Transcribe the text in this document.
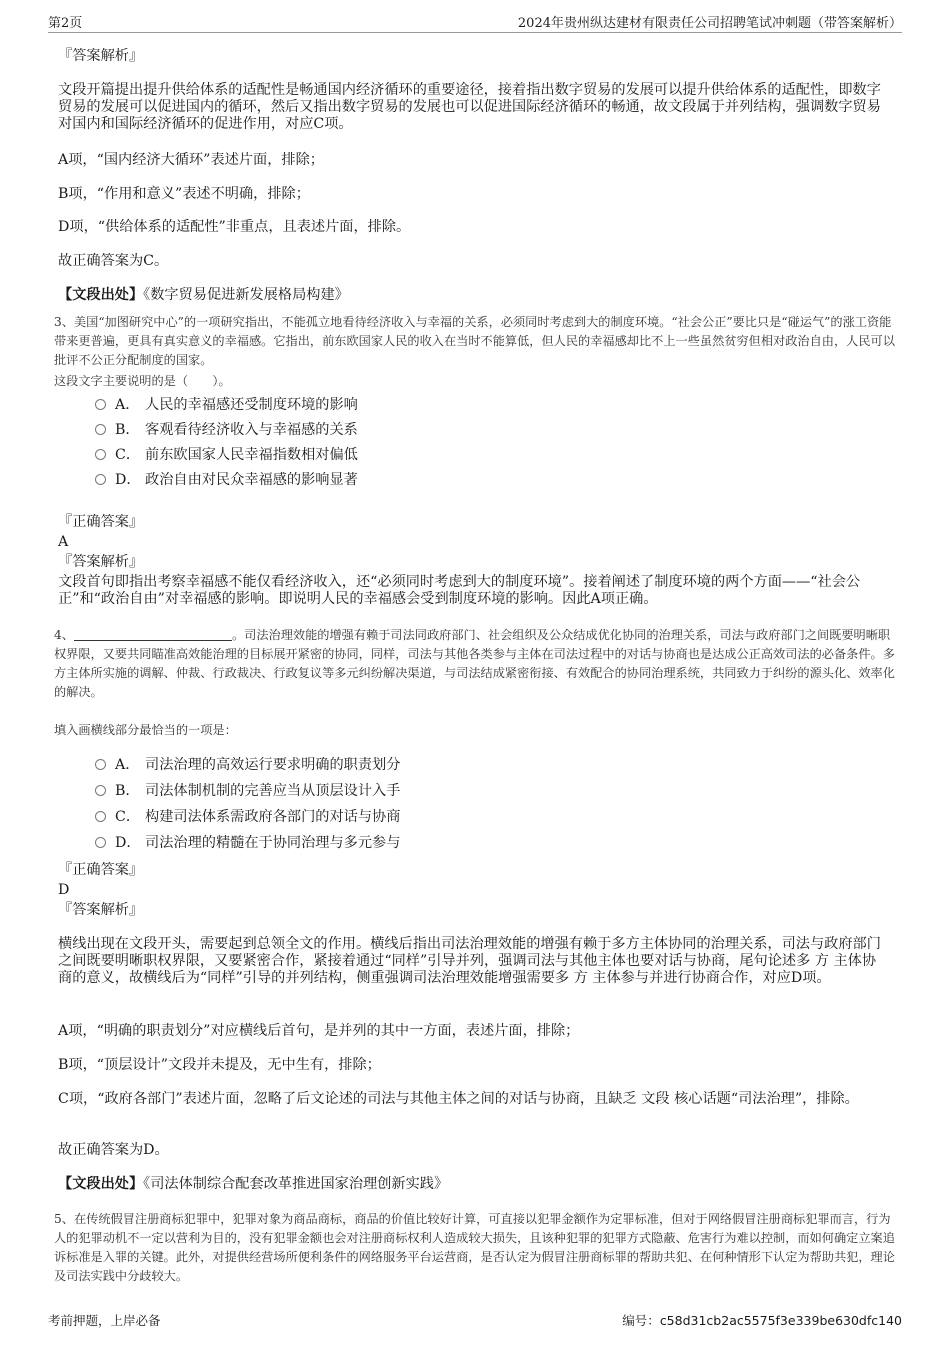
第2页	2024年贵州纵达建材有限责任公司招聘笔试冲刺题（带答案解析）
『答案解析』

文段开篇提出提升供给体系的适配性是畅通国内经济循环的重要途径，接着指出数字贸易的发展可以提升供给体系的适配性，即数字贸易的发展可以促进国内的循环，然后又指出数字贸易的发展也可以促进国际经济循环的畅通，故文段属于并列结构，强调数字贸易对国内和国际经济循环的促进作用，对应C项。

A项，“国内经济大循环”表述片面，排除；
B项，“作用和意义”表述不明确，排除；
D项，“供给体系的适配性”非重点，且表述片面，排除。
故正确答案为C。
【文段出处】《数字贸易促进新发展格局构建》

3、美国“加图研究中心”的一项研究指出，不能孤立地看待经济收入与幸福的关系，必须同时考虑到大的制度环境。“社会公正”要比只是“碰运气”的涨工资能带来更普遍，更具有真实意义的幸福感。它指出，前东欧国家人民的收入在当时不能算低，但人民的幸福感却比不上一些虽然贫穷但相对政治自由，人民可以批评不公正分配制度的国家。

这段文字主要说明的是（　　）。
A． 人民的幸福感还受制度环境的影响
B． 客观看待经济收入与幸福感的关系
C． 前东欧国家人民幸福指数相对偏低
D． 政治自由对民众幸福感的影响显著
『正确答案』
A
『答案解析』

文段首句即指出考察幸福感不能仅看经济收入，还“必须同时考虑到大的制度环境”。接着阐述了制度环境的两个方面——“社会公正”和“政治自由”对幸福感的影响。即说明人民的幸福感会受到制度环境的影响。因此A项正确。

4、	。司法治理效能的增强有赖于司法同政府部门、社会组织及公众结成优化协同的治理关系，司法与政府部门之间既要明晰职权界限，又要共同瞄准高效能治理的目标展开紧密的协同，同样，司法与其他各类参与主体在司法过程中的对话与协商也是达成公正高效司法的必备条件。多方主体所实施的调解、仲裁、行政裁决、行政复议等多元纠纷解决渠道，与司法结成紧密衔接、有效配合的协同治理系统，共同致力于纠纷的源头化、效率化的解决。

填入画横线部分最恰当的一项是：
A． 司法治理的高效运行要求明确的职责划分
B． 司法体制机制的完善应当从顶层设计入手
C． 构建司法体系需政府各部门的对话与协商
D． 司法治理的精髓在于协同治理与多元参与
『正确答案』
D
『答案解析』

横线出现在文段开头，需要起到总领全文的作用。横线后指出司法治理效能的增强有赖于多方主体协同的治理关系，司法与政府部门之间既要明晰职权界限，又要紧密合作，紧接着通过“同样”引导并列，强调司法与其他主体也要对话与协商，尾句论述多 方 主体协商的意义，故横线后为“同样”引导的并列结构，侧重强调司法治理效能增强需要多 方 主体参与并进行协商合作，对应D项。

A项，“明确的职责划分”对应横线后首句，是并列的其中一方面，表述片面，排除；
B项，“顶层设计”文段并未提及，无中生有，排除；

C项，“政府各部门”表述片面，忽略了后文论述的司法与其他主体之间的对话与协商，且缺乏 文段 核心话题“司法治理”，排除。

故正确答案为D。
【文段出处】《司法体制综合配套改革推进国家治理创新实践》

5、在传统假冒注册商标犯罪中，犯罪对象为商品商标，商品的价值比较好计算，可直接以犯罪金额作为定罪标准，但对于网络假冒注册商标犯罪而言，行为人的犯罪动机不一定以营利为目的，没有犯罪金额也会对注册商标权利人造成较大损失，且该种犯罪的犯罪方式隐蔽、危害行为难以控制，而如何确定立案追诉标准是入罪的关键。此外，对提供经营场所便利条件的网络服务平台运营商，是否认定为假冒注册商标罪的帮助共犯、在何种情形下认定为帮助共犯，理论及司法实践中分歧较大。

考前押题，上岸必备	编号：c58d31cb2ac5575f3e339be630dfc140
